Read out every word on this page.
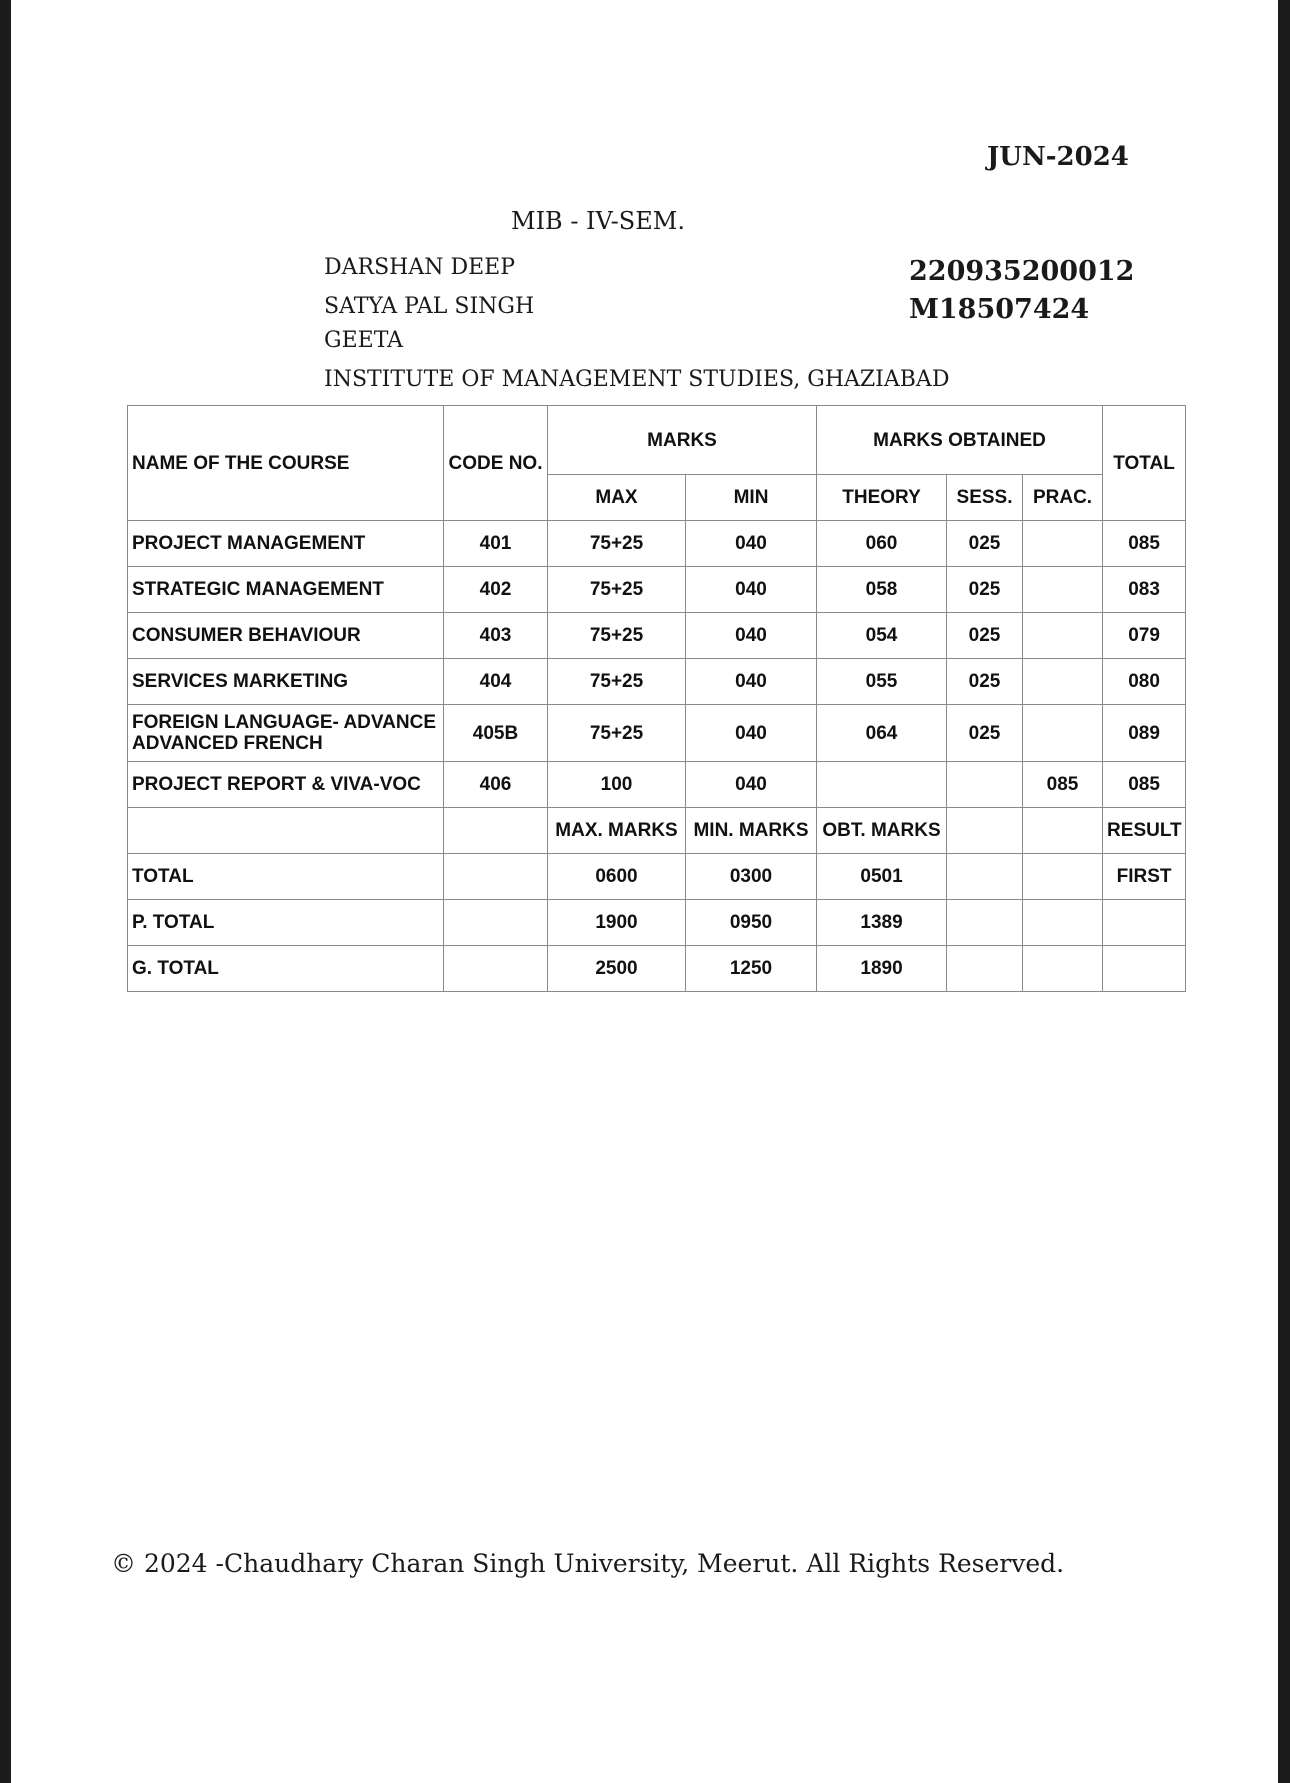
JUN-2024
MIB - IV-SEM.
DARSHAN DEEP
SATYA PAL SINGH
GEETA
INSTITUTE OF MANAGEMENT STUDIES, GHAZIABAD
220935200012
M18507424
NAME OF THE COURSE	CODE NO.	MARKS		MARKS OBTAINED			TOTAL
		MAX	MIN	THEORY	SESS.	PRAC.	
PROJECT MANAGEMENT	401	75+25	040	060	025		085
STRATEGIC MANAGEMENT	402	75+25	040	058	025		083
CONSUMER BEHAVIOUR	403	75+25	040	054	025		079
SERVICES MARKETING	404	75+25	040	055	025		080
FOREIGN LANGUAGE- ADVANCE
ADVANCED FRENCH	405B	75+25	040	064	025		089
PROJECT REPORT & VIVA-VOC	406	100	040			085	085
		MAX. MARKS	MIN. MARKS	OBT. MARKS			RESULT
TOTAL		0600	0300	0501			FIRST
P. TOTAL		1900	0950	1389			
G. TOTAL		2500	1250	1890			
© 2024 -Chaudhary Charan Singh University, Meerut. All Rights Reserved.
